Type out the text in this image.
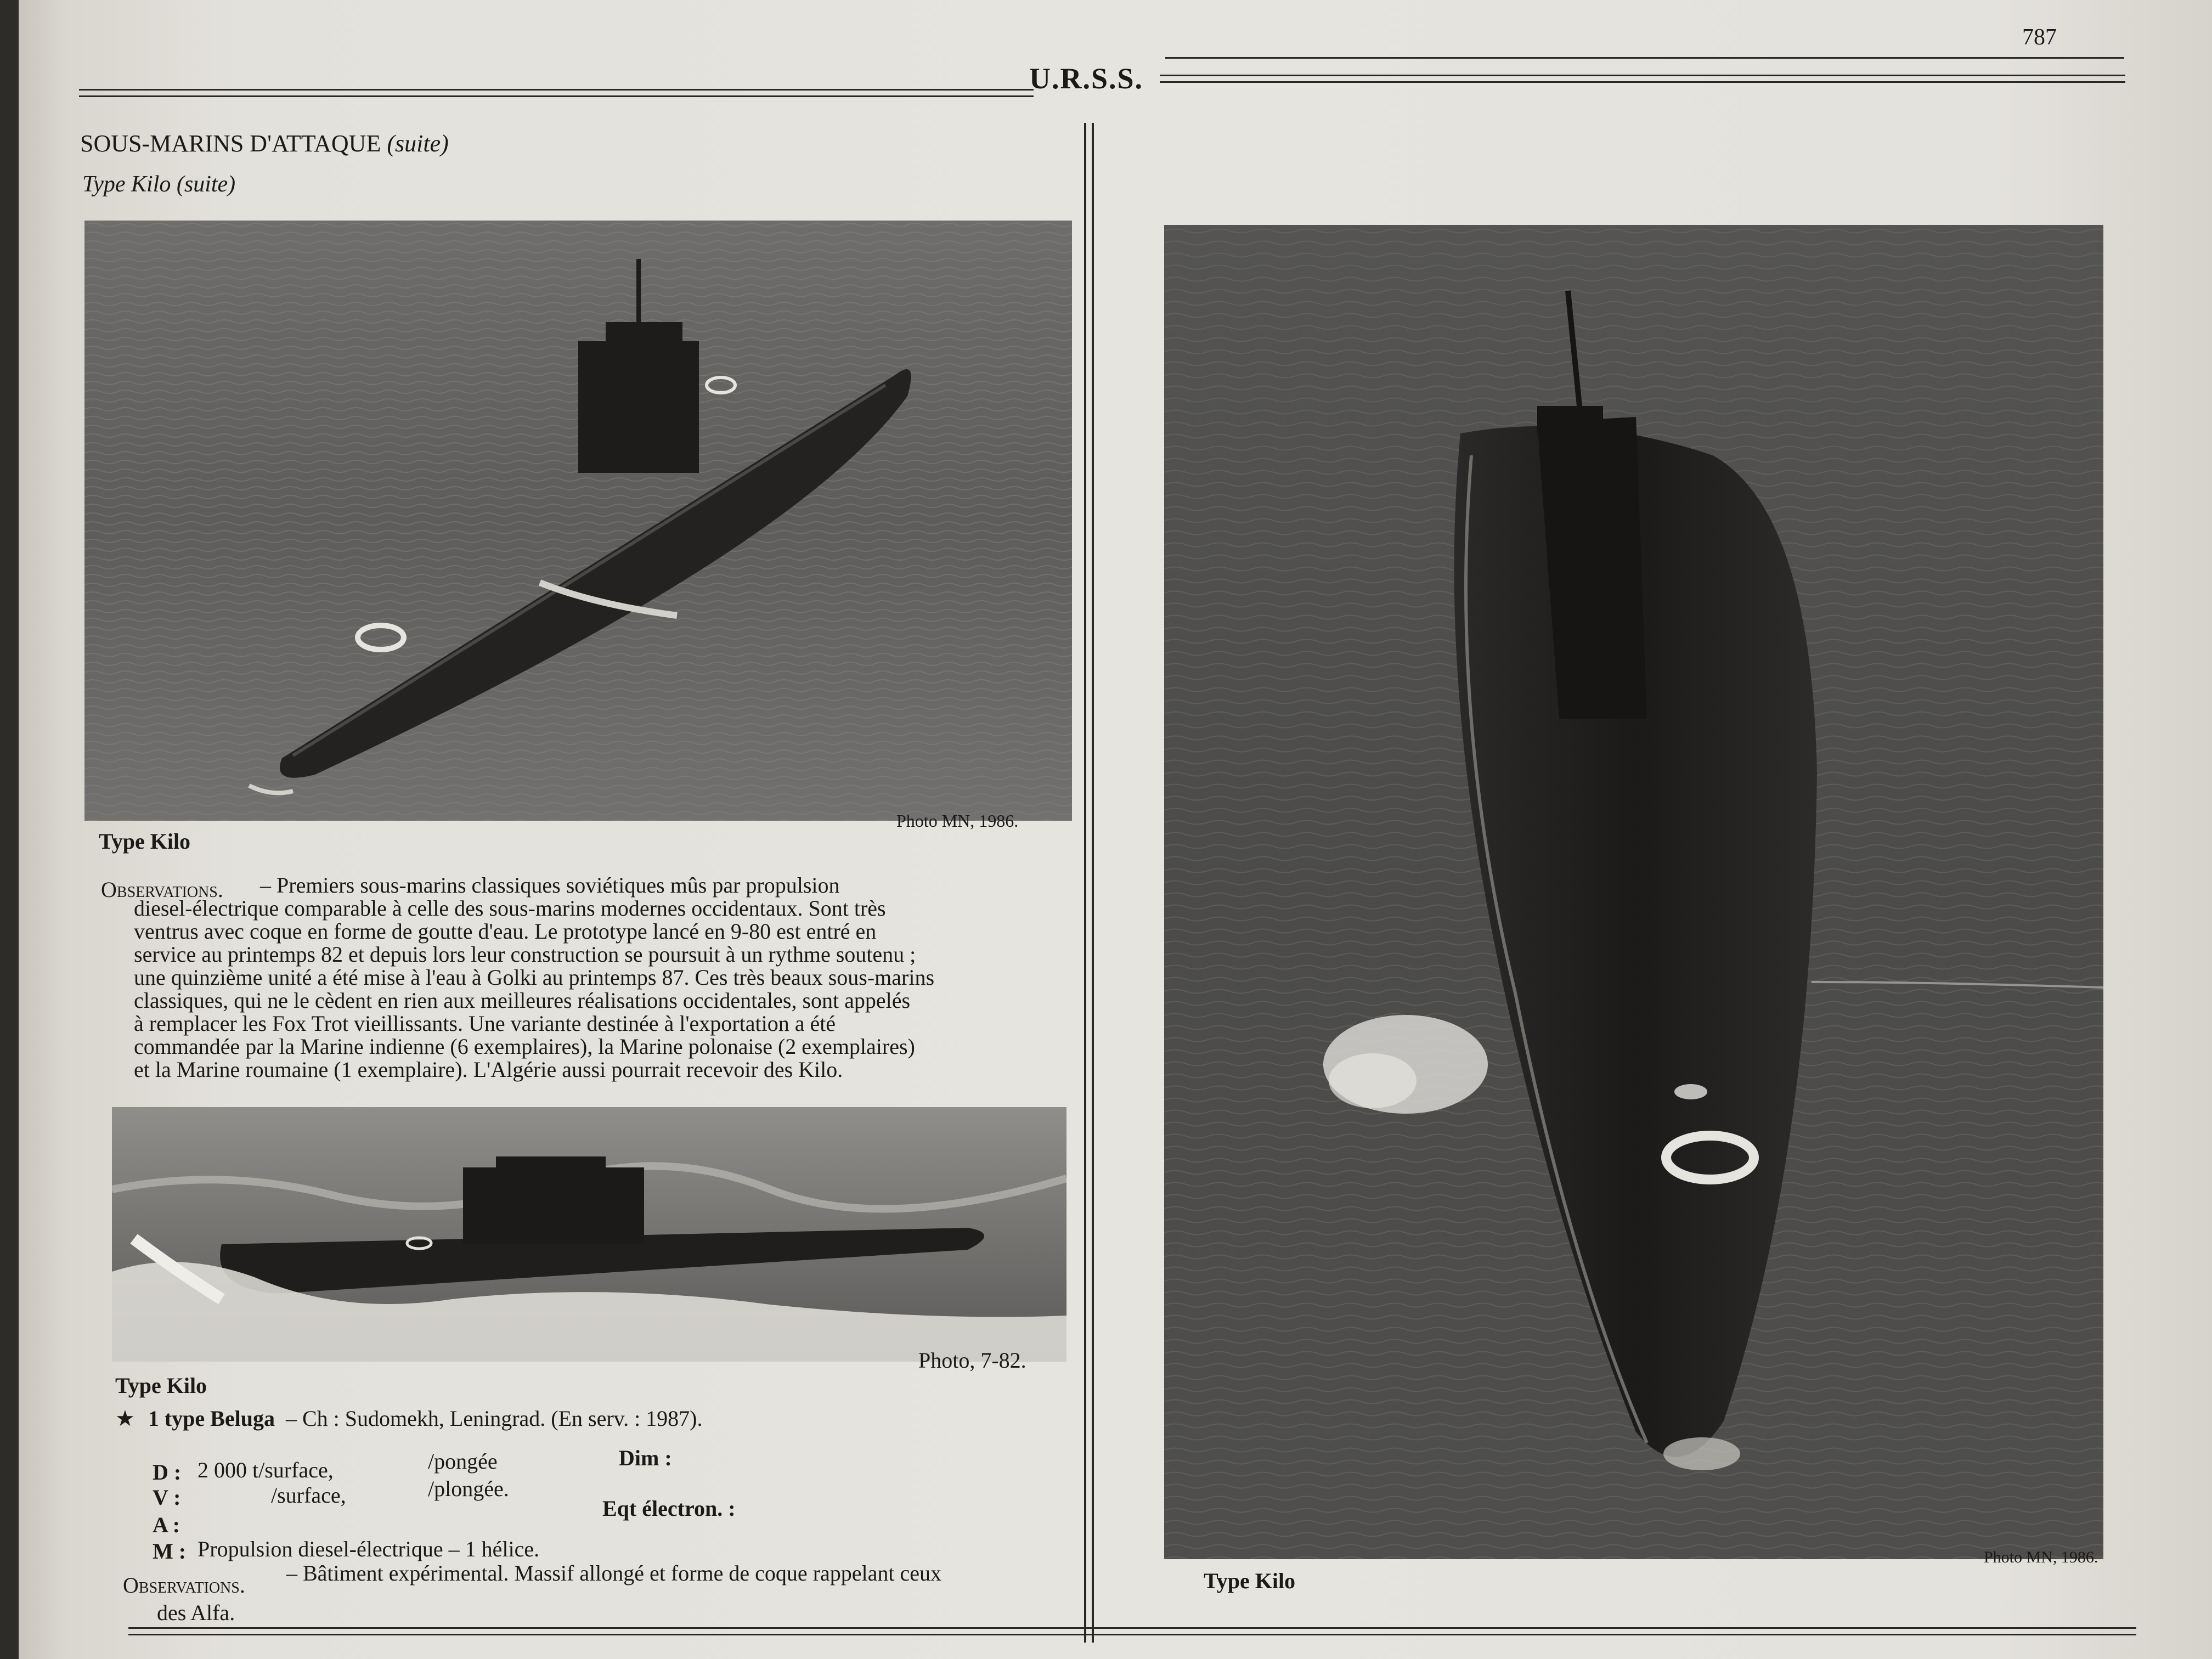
787
U.R.S.S.
SOUS-MARINS D'ATTAQUE (suite)
Type Kilo (suite)
Type Kilo
Photo MN, 1986.
Observations. – Premiers sous-marins classiques soviétiques mûs par propulsion
diesel-électrique comparable à celle des sous-marins modernes occidentaux. Sont très
ventrus avec coque en forme de goutte d'eau. Le prototype lancé en 9-80 est entré en
service au printemps 82 et depuis lors leur construction se poursuit à un rythme soutenu ;
une quinzième unité a été mise à l'eau à Golki au printemps 87. Ces très beaux sous-marins
classiques, qui ne le cèdent en rien aux meilleures réalisations occidentales, sont appelés
à remplacer les Fox Trot vieillissants. Une variante destinée à l'exportation a été
commandée par la Marine indienne (6 exemplaires), la Marine polonaise (2 exemplaires)
et la Marine roumaine (1 exemplaire). L'Algérie aussi pourrait recevoir des Kilo.
Type Kilo
Photo, 7-82.
★ 1 type Beluga – Ch : Sudomekh, Leningrad. (En serv. : 1987).
D : 2 000 t/surface,	/pongée	Dim :
V :	/surface,	/plongée.
A :
Eqt électron. :
M : Propulsion diesel-électrique – 1 hélice.
Observations. – Bâtiment expérimental. Massif allongé et forme de coque rappelant ceux
des Alfa.
Type Kilo
Photo MN, 1986.
